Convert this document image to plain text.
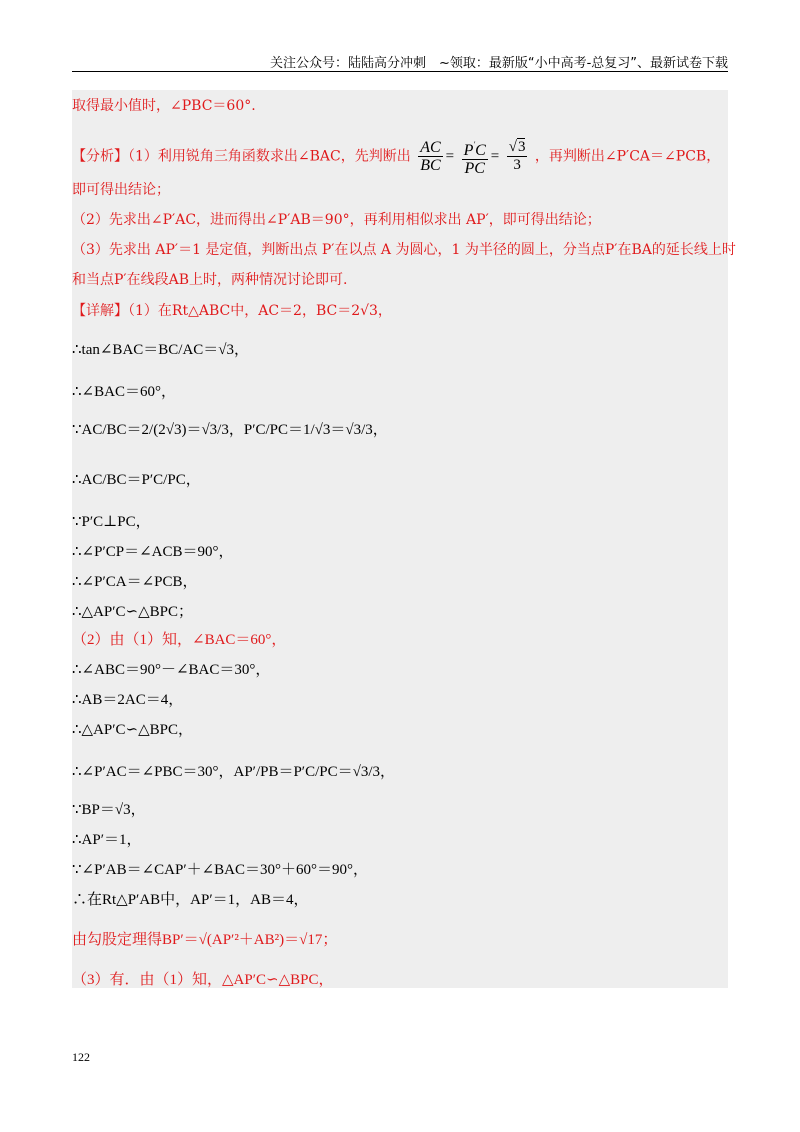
关注公众号：陆陆高分冲刺　~领取：最新版“小中高考-总复习”、最新试卷下载
取得最小值时，∠PBC＝60°.
【分析】（1）利用锐角三角函数求出∠BAC，先判断出 $\frac{AC}{BC} = \frac{P'C}{PC} = \frac{√3}{3}$ ，再判断出∠P′CA＝∠PCB，
即可得出结论；
（2）先求出∠P′AC，进而得出∠P′AB＝90°，再利用相似求出 AP′，即可得出结论；
（3）先求出 AP′＝1 是定值，判断出点 P′在以点 A 为圆心，1 为半径的圆上，分当点P′在BA的延长线上时
和当点P′在线段AB上时，两种情况讨论即可.
【详解】（1）在Rt△ABC中，AC＝2，BC＝2√3，
∴tan∠BAC＝BC/AC＝√3，
∴∠BAC＝60°，
∵AC/BC＝2/(2√3)＝√3/3，P′C/PC＝1/√3＝√3/3，
∴AC/BC＝P′C/PC，
∵P′C⊥PC，
∴∠P′CP＝∠ACB＝90°，
∴∠P′CA＝∠PCB，
∴△AP′C∽△BPC；
（2）由（1）知，∠BAC＝60°，
∴∠ABC＝90°－∠BAC＝30°，
∴AB＝2AC＝4，
∴△AP′C∽△BPC，
∴∠P′AC＝∠PBC＝30°，AP′/PB＝P′C/PC＝√3/3，
∵BP＝√3，
∴AP′＝1，
∵∠P′AB＝∠CAP′＋∠BAC＝30°＋60°＝90°，
∴在Rt△P′AB中，AP′＝1，AB＝4，
由勾股定理得BP′＝√(AP′²＋AB²)＝√17；
（3）有．由（1）知，△AP′C∽△BPC，
122
